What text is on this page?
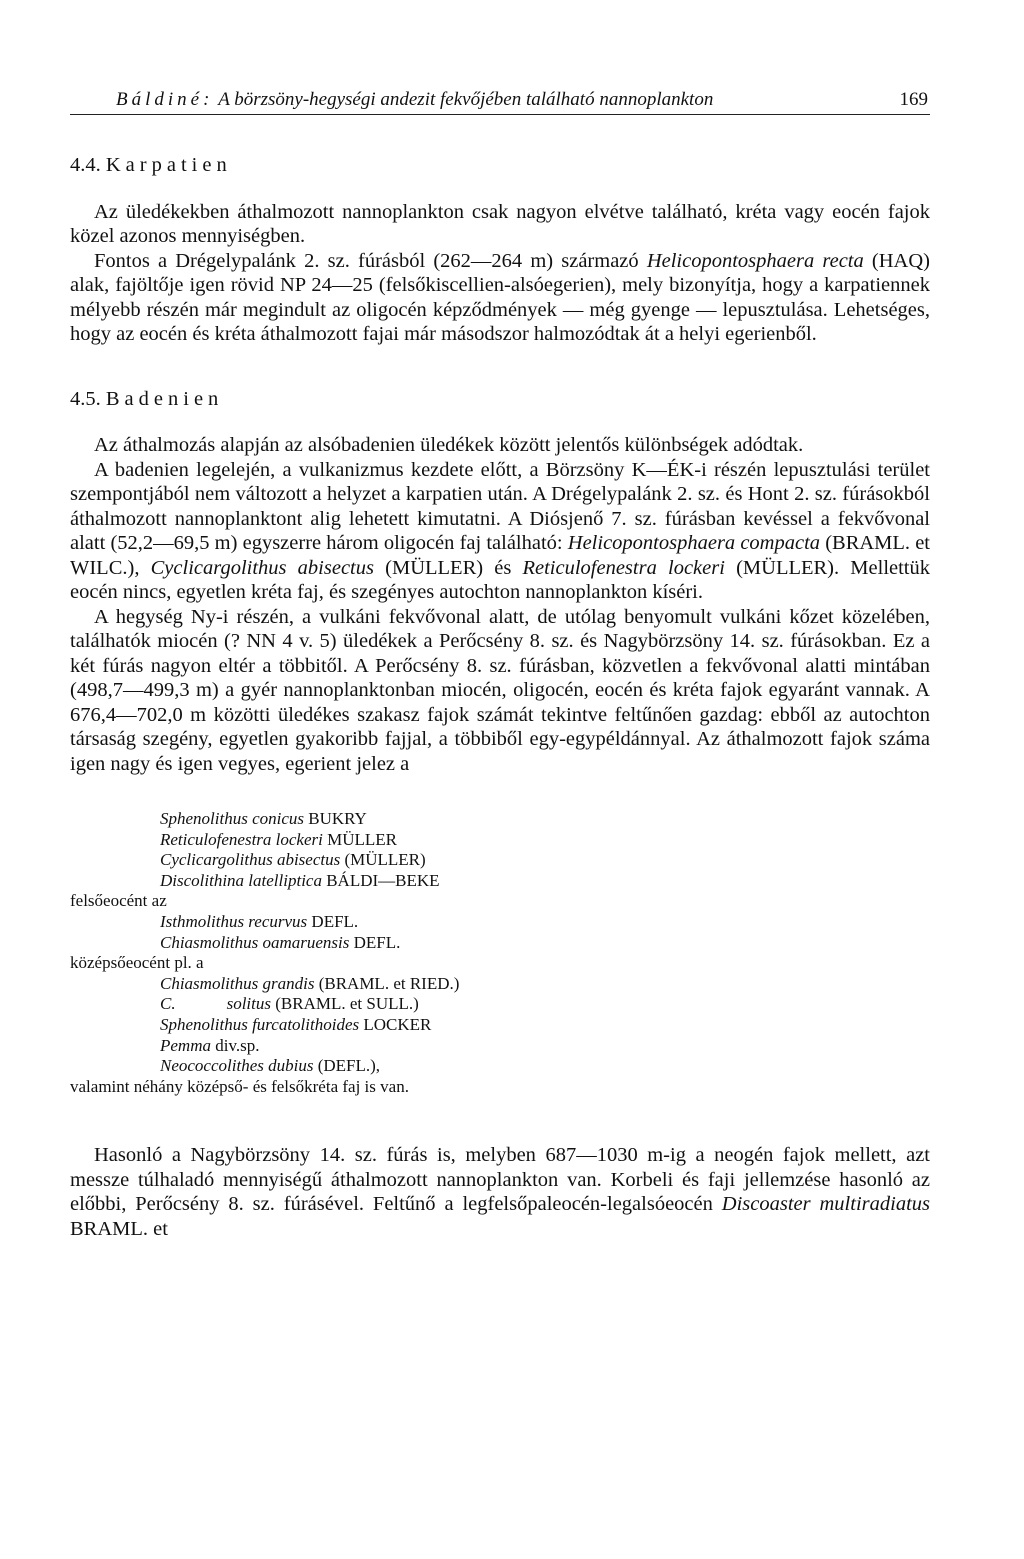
Báldiné: A börzsöny-hegységi andezit fekvőjében található nannoplankton	169
4.4. Karpatien

Az üledékekben áthalmozott nannoplankton csak nagyon elvétve található, kréta vagy eocén fajok közel azonos mennyiségben.

Fontos a Drégelypalánk 2. sz. fúrásból (262—264 m) származó Helicopontosphaera recta (HAQ) alak, fajöltője igen rövid NP 24—25 (felsőkiscellien-alsóegerien), mely bizonyítja, hogy a karpatiennek mélyebb részén már megindult az oligocén képződmények — még gyenge — lepusztulása. Lehetséges, hogy az eocén és kréta áthalmozott fajai már másodszor halmozódtak át a helyi egerienből.

4.5. Badenien

Az áthalmozás alapján az alsóbadenien üledékek között jelentős különbségek adódtak.

A badenien legelején, a vulkanizmus kezdete előtt, a Börzsöny K—ÉK-i részén lepusztulási terület szempontjából nem változott a helyzet a karpatien után. A Drégelypalánk 2. sz. és Hont 2. sz. fúrásokból áthalmozott nannoplanktont alig lehetett kimutatni. A Diósjenő 7. sz. fúrásban kevéssel a fekvővonal alatt (52,2—69,5 m) egyszerre három oligocén faj található: Helicopontosphaera compacta (BRAML. et WILC.), Cyclicargolithus abisectus (MÜLLER) és Reticulofenestra lockeri (MÜLLER). Mellettük eocén nincs, egyetlen kréta faj, és szegényes autochton nannoplankton kíséri.

A hegység Ny-i részén, a vulkáni fekvővonal alatt, de utólag benyomult vulkáni kőzet közelében, találhatók miocén (? NN 4 v. 5) üledékek a Perőcsény 8. sz. és Nagybörzsöny 14. sz. fúrásokban. Ez a két fúrás nagyon eltér a többitől. A Perőcsény 8. sz. fúrásban, közvetlen a fekvővonal alatti mintában (498,7—499,3 m) a gyér nannoplanktonban miocén, oligocén, eocén és kréta fajok egyaránt vannak. A 676,4—702,0 m közötti üledékes szakasz fajok számát tekintve feltűnően gazdag: ebből az autochton társaság szegény, egyetlen gyakoribb fajjal, a többiből egy-egypéldánnyal. Az áthalmozott fajok száma igen nagy és igen vegyes, egerient jelez a

Sphenolithus conicus BUKRY
Reticulofenestra lockeri MÜLLER
Cyclicargolithus abisectus (MÜLLER)
Discolithina latelliptica BÁLDI—BEKE
felsőeocént az
Isthmolithus recurvus DEFL.
Chiasmolithus oamaruensis DEFL.
középsőeocént pl. a
Chiasmolithus grandis (BRAML. et RIED.)
C.            solitus (BRAML. et SULL.)
Sphenolithus furcatolithoides LOCKER
Pemma div.sp.
Neococcolithes dubius (DEFL.),
valamint néhány középső- és felsőkréta faj is van.

Hasonló a Nagybörzsöny 14. sz. fúrás is, melyben 687—1030 m-ig a neogén fajok mellett, azt messze túlhaladó mennyiségű áthalmozott nannoplankton van. Korbeli és faji jellemzése hasonló az előbbi, Perőcsény 8. sz. fúrásével. Feltűnő a legfelsőpaleocén-legalsóeocén Discoaster multiradiatus BRAML. et
